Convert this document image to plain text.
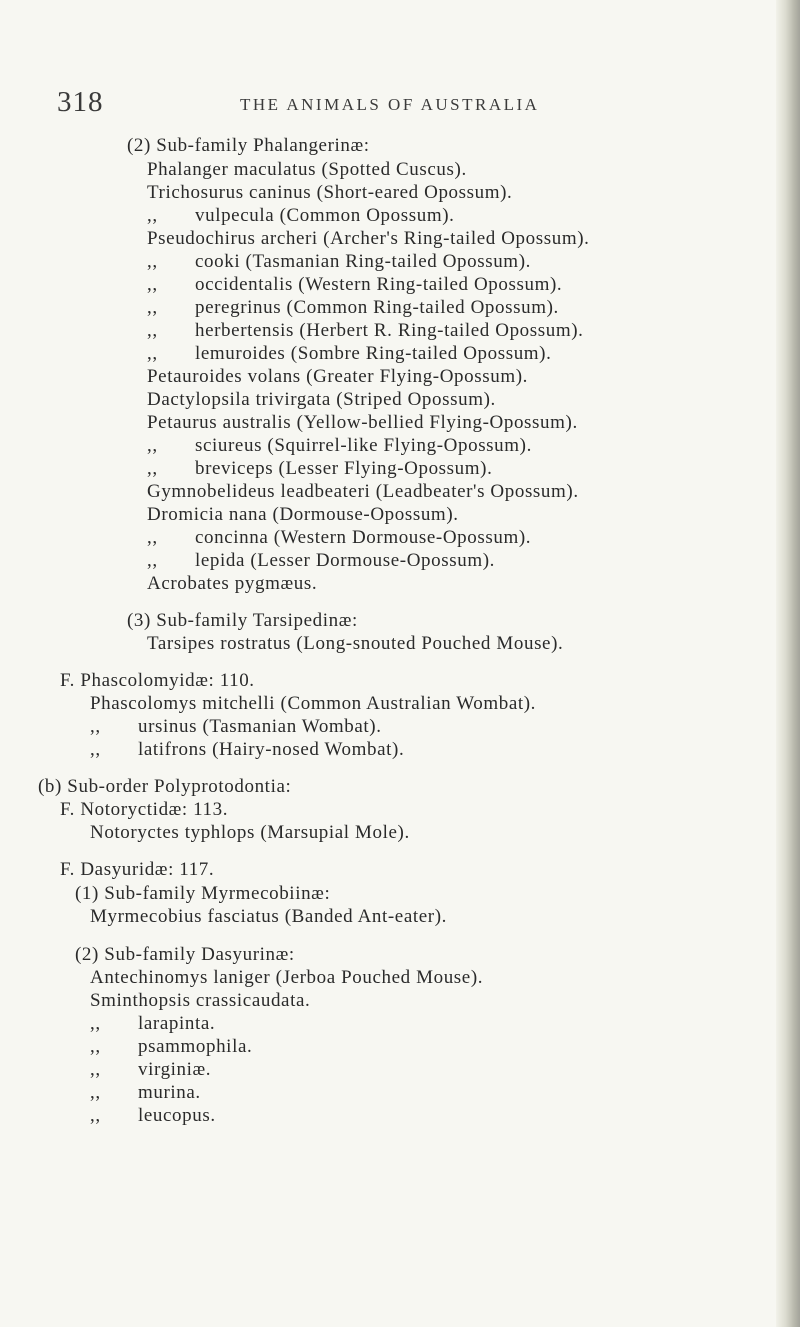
318	THE ANIMALS OF AUSTRALIA
(2) Sub-family Phalangerinæ:
Phalanger maculatus (Spotted Cuscus).
Trichosurus caninus (Short-eared Opossum).
,, vulpecula (Common Opossum).
Pseudochirus archeri (Archer's Ring-tailed Opossum).
,, cooki (Tasmanian Ring-tailed Opossum).
,, occidentalis (Western Ring-tailed Opossum).
,, peregrinus (Common Ring-tailed Opossum).
,, herbertensis (Herbert R. Ring-tailed Opossum).
,, lemuroides (Sombre Ring-tailed Opossum).
Petauroides volans (Greater Flying-Opossum).
Dactylopsila trivirgata (Striped Opossum).
Petaurus australis (Yellow-bellied Flying-Opossum).
,, sciureus (Squirrel-like Flying-Opossum).
,, breviceps (Lesser Flying-Opossum).
Gymnobelideus leadbeateri (Leadbeater's Opossum).
Dromicia nana (Dormouse-Opossum).
,, concinna (Western Dormouse-Opossum).
,, lepida (Lesser Dormouse-Opossum).
Acrobates pygmæus.
(3) Sub-family Tarsipedinæ:
Tarsipes rostratus (Long-snouted Pouched Mouse).
F. Phascolomyidæ: 110.
Phascolomys mitchelli (Common Australian Wombat).
,, ursinus (Tasmanian Wombat).
,, latifrons (Hairy-nosed Wombat).
(b) Sub-order Polyprotodontia:
F. Notoryctidæ: 113.
Notoryctes typhlops (Marsupial Mole).
F. Dasyuridæ: 117.
(1) Sub-family Myrmecobiinæ:
Myrmecobius fasciatus (Banded Ant-eater).
(2) Sub-family Dasyurinæ:
Antechinomys laniger (Jerboa Pouched Mouse).
Sminthopsis crassicaudata.
,, larapinta.
,, psammophila.
,, virginiæ.
,, murina.
,, leucopus.
